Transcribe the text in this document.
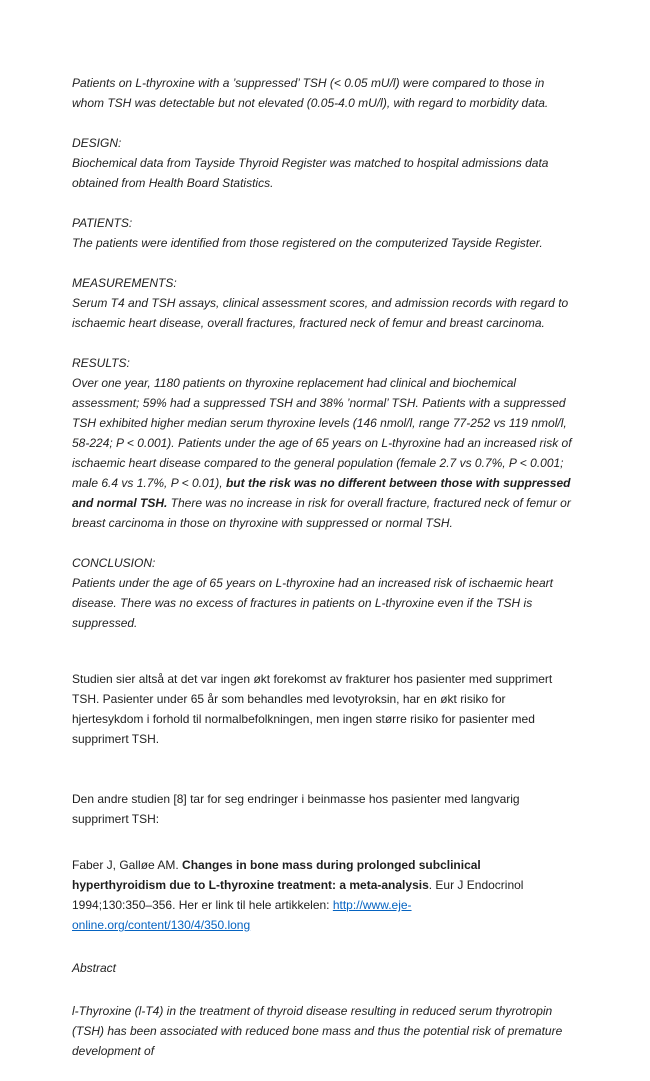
Patients on L-thyroxine with a ’suppressed’ TSH (< 0.05 mU/l) were compared to those in whom TSH was detectable but not elevated (0.05-4.0 mU/l), with regard to morbidity data.

DESIGN:

Biochemical data from Tayside Thyroid Register was matched to hospital admissions data obtained from Health Board Statistics.

PATIENTS:

The patients were identified from those registered on the computerized Tayside Register.

MEASUREMENTS:

Serum T4 and TSH assays, clinical assessment scores, and admission records with regard to ischaemic heart disease, overall fractures, fractured neck of femur and breast carcinoma.

RESULTS:

Over one year, 1180 patients on thyroxine replacement had clinical and biochemical assessment; 59% had a suppressed TSH and 38% ’normal’ TSH. Patients with a suppressed TSH exhibited higher median serum thyroxine levels (146 nmol/l, range 77-252 vs 119 nmol/l, 58-224; P < 0.001). Patients under the age of 65 years on L-thyroxine had an increased risk of ischaemic heart disease compared to the general population (female 2.7 vs 0.7%, P < 0.001; male 6.4 vs 1.7%, P < 0.01), but the risk was no different between those with suppressed and normal TSH. There was no increase in risk for overall fracture, fractured neck of femur or breast carcinoma in those on thyroxine with suppressed or normal TSH.

CONCLUSION:

Patients under the age of 65 years on L-thyroxine had an increased risk of ischaemic heart disease. There was no excess of fractures in patients on L-thyroxine even if the TSH is suppressed.

Studien sier altså at det var ingen økt forekomst av frakturer hos pasienter med supprimert TSH. Pasienter under 65 år som behandles med levotyroksin, har en økt risiko for hjertesykdom i forhold til normalbefolkningen, men ingen større risiko for pasienter med supprimert TSH.

Den andre studien [8] tar for seg endringer i beinmasse hos pasienter med langvarig supprimert TSH:

Faber J, Galløe AM. Changes in bone mass during prolonged subclinical hyperthyroidism due to L-thyroxine treatment: a meta-analysis. Eur J Endocrinol 1994;130:350–356. Her er link til hele artikkelen: http://www.eje-online.org/content/130/4/350.long

Abstract

l-Thyroxine (l-T4) in the treatment of thyroid disease resulting in reduced serum thyrotropin (TSH) has been associated with reduced bone mass and thus the potential risk of premature development of
